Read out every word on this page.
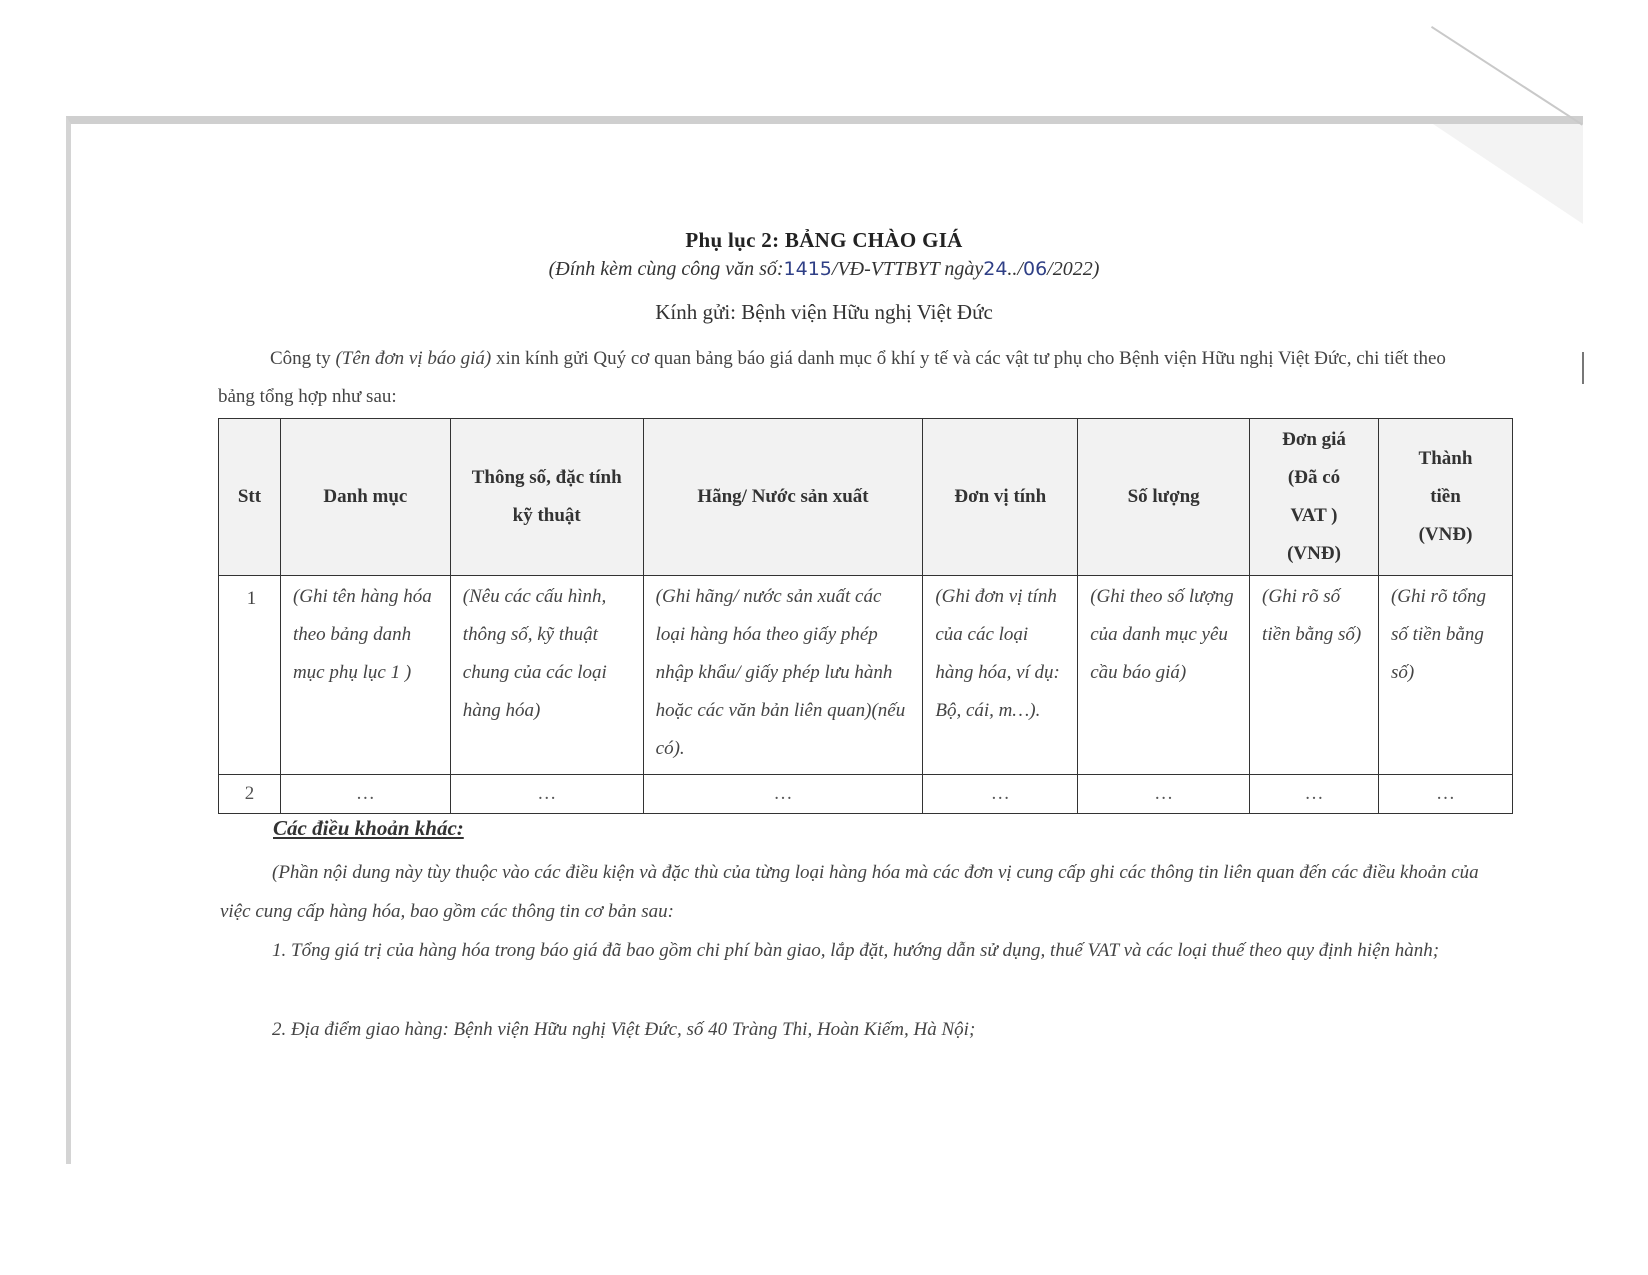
Phụ lục 2: BẢNG CHÀO GIÁ
(Đính kèm cùng công văn số:1415/VĐ-VTTBYT ngày24../06/2022)
Kính gửi: Bệnh viện Hữu nghị Việt Đức
Công ty (Tên đơn vị báo giá) xin kính gửi Quý cơ quan bảng báo giá danh mục ổ khí y tế và các vật tư phụ cho Bệnh viện Hữu nghị Việt Đức, chi tiết theo bảng tổng hợp như sau:
Stt	Danh mục	Thông số, đặc tính kỹ thuật	Hãng/ Nước sản xuất	Đơn vị tính	Số lượng	Đơn giá (Đã có VAT ) (VNĐ)	Thành tiền (VNĐ)
1	(Ghi tên hàng hóa theo bảng danh mục phụ lục 1 )	(Nêu các cấu hình, thông số, kỹ thuật chung của các loại hàng hóa)	(Ghi hãng/ nước sản xuất các loại hàng hóa theo giấy phép nhập khẩu/ giấy phép lưu hành hoặc các văn bản liên quan)(nếu có).	(Ghi đơn vị tính của các loại hàng hóa, ví dụ: Bộ, cái, m…).	(Ghi theo số lượng của danh mục yêu cầu báo giá)	(Ghi rõ số tiền bằng số)	(Ghi rõ tổng số tiền bằng số)
2	…	…	…	…	…	…	…
Các điều khoản khác:
(Phần nội dung này tùy thuộc vào các điều kiện và đặc thù của từng loại hàng hóa mà các đơn vị cung cấp ghi các thông tin liên quan đến các điều khoản của việc cung cấp hàng hóa, bao gồm các thông tin cơ bản sau:
1. Tổng giá trị của hàng hóa trong báo giá đã bao gồm chi phí bàn giao, lắp đặt, hướng dẫn sử dụng, thuế VAT và các loại thuế theo quy định hiện hành;
2. Địa điểm giao hàng: Bệnh viện Hữu nghị Việt Đức, số 40 Tràng Thi, Hoàn Kiếm, Hà Nội;
